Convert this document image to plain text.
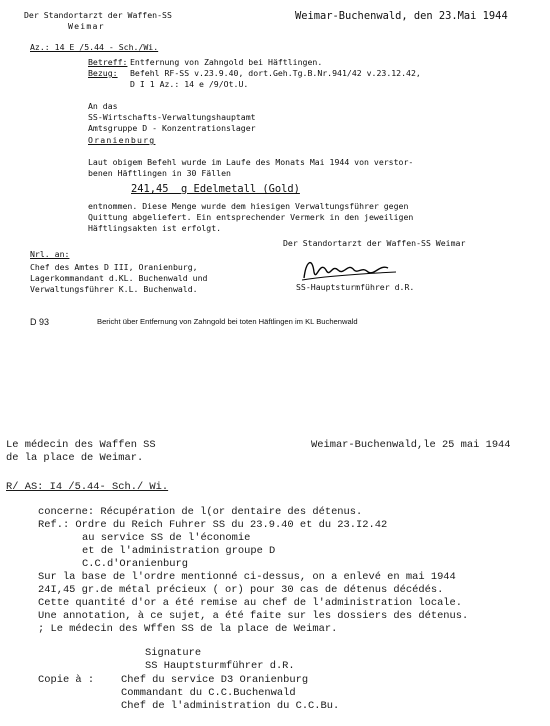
Der Standortarzt der Waffen-SS
Weimar
Weimar-Buchenwald, den 23.Mai 1944
Az.: 14 E /5.44 - Sch./Wi.
Betreff: Entfernung von Zahngold bei Häftlingen.
Bezug: Befehl RF-SS v.23.9.40, dort.Geh.Tg.B.Nr.941/42 v.23.12.42,
D I 1 Az.: 14 e /9/Ot.U.
An das
SS-Wirtschafts-Verwaltungshauptamt
Amtsgruppe D - Konzentrationslager
Oranienburg
Laut obigem Befehl wurde im Laufe des Monats Mai 1944 von verstor-
benen Häftlingen in 30 Fällen
241,45  g Edelmetall (Gold)
entnommen. Diese Menge wurde dem hiesigen Verwaltungsführer gegen
Quittung abgeliefert. Ein entsprechender Vermerk in den jeweiligen
Häftlingsakten ist erfolgt.
Der Standortarzt der Waffen-SS Weimar
Nrl. an:
Chef des Amtes D III, Oranienburg,
Lagerkommandant d.KL. Buchenwald und
Verwaltungsführer K.L. Buchenwald.	SS-Hauptsturmführer d.R.
D 93	Bericht über Entfernung von Zahngold bei toten Häftlingen im KL Buchenwald
Le médecin des Waffen SS
de la place de Weimar.
Weimar-Buchenwald,le 25 mai 1944
R/ AS: I4 /5.44- Sch./ Wi.
concerne: Récupération de l(or dentaire des détenus.
Ref.: Ordre du Reich Fuhrer SS du 23.9.40 et du 23.I2.42
au service SS de l'économie
et de l'administration groupe D
C.C.d'Oranienburg
Sur la base de l'ordre mentionné ci-dessus, on a enlevé en mai 1944
24I,45 gr.de métal précieux ( or) pour 30 cas de détenus décédés.
Cette quantité d'or a été remise au chef de l'administration locale.
Une annotation, à ce sujet, a été faite sur les dossiers des détenus.
; Le médecin des Wffen SS de la place de Weimar.
Signature
SS Hauptsturmführer d.R.
Copie à :	Chef du service D3 Oranienburg
Commandant du C.C.Buchenwald
Chef de l'administration du C.C.Bu.
